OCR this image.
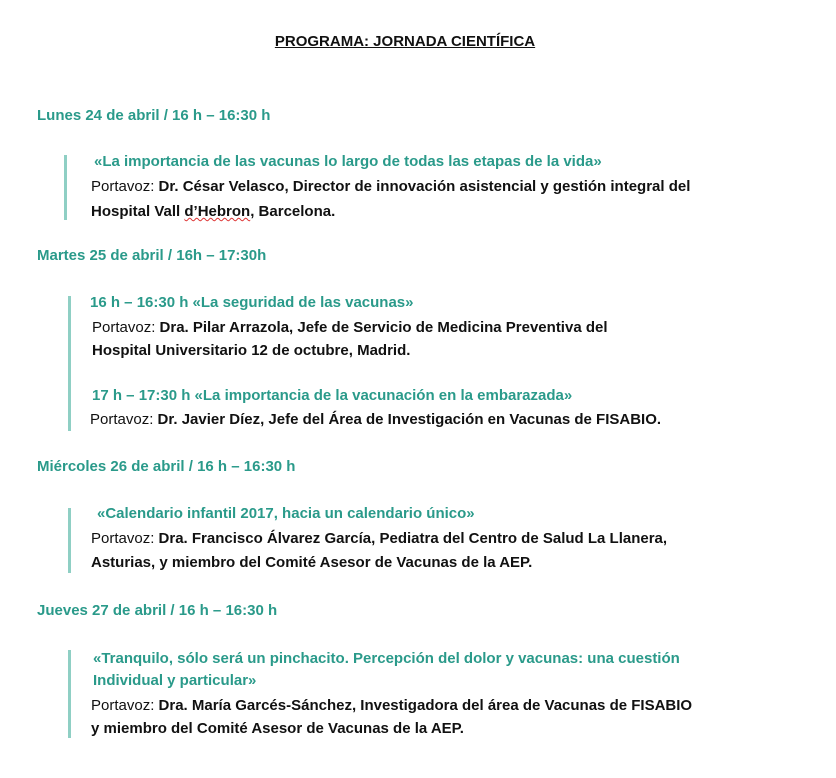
PROGRAMA: JORNADA CIENTÍFICA
Lunes 24 de abril / 16 h – 16:30 h
«La importancia de las vacunas lo largo de todas las etapas de la vida»
Portavoz: Dr. César Velasco, Director de innovación asistencial y gestión integral del
Hospital Vall d’Hebron, Barcelona.
Martes 25 de abril / 16h – 17:30h
16 h – 16:30 h «La seguridad de las vacunas»
Portavoz: Dra. Pilar Arrazola, Jefe de Servicio de Medicina Preventiva del
Hospital Universitario 12 de octubre, Madrid.
17 h – 17:30 h «La importancia de la vacunación en la embarazada»
Portavoz: Dr. Javier Díez, Jefe del Área de Investigación en Vacunas de FISABIO.
Miércoles 26 de abril / 16 h – 16:30 h
«Calendario infantil 2017, hacia un calendario único»
Portavoz: Dra. Francisco Álvarez García, Pediatra del Centro de Salud La Llanera,
Asturias, y miembro del Comité Asesor de Vacunas de la AEP.
Jueves 27 de abril / 16 h – 16:30 h
«Tranquilo, sólo será un pinchacito. Percepción del dolor y vacunas: una cuestión
Individual y particular»
Portavoz: Dra. María Garcés-Sánchez, Investigadora del área de Vacunas de FISABIO
y miembro del Comité Asesor de Vacunas de la AEP.
